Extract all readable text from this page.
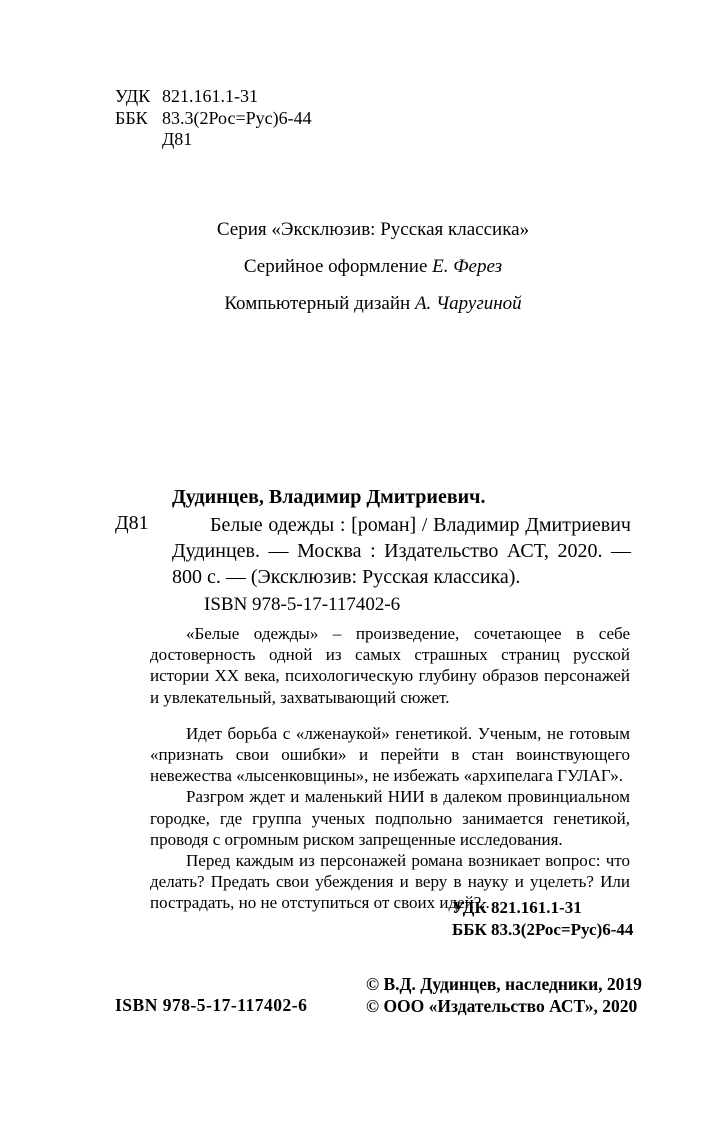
УДК 821.161.1-31
ББК 83.3(2Рос=Рус)6-44
Д81
Серия «Эксклюзив: Русская классика»
Серийное оформление Е. Ферез
Компьютерный дизайн А. Чаругиной
Дудинцев, Владимир Дмитриевич.
Д81	Белые одежды : [роман] / Владимир Дмитриевич Дудинцев. — Москва : Издательство АСТ, 2020. — 800 с. — (Эксклюзив: Русская классика).
ISBN 978-5-17-117402-6

«Белые одежды» – произведение, сочетающее в себе достоверность одной из самых страшных страниц русской истории XX века, психологическую глубину образов персонажей и увлекательный, захватывающий сюжет.

Идет борьба с «лженаукой» генетикой. Ученым, не готовым «признать свои ошибки» и перейти в стан воинствующего невежества «лысенковщины», не избежать «архипелага ГУЛАГ».

Разгром ждет и маленький НИИ в далеком провинциальном городке, где группа ученых подпольно занимается генетикой, проводя с огромным риском запрещенные исследования.

Перед каждым из персонажей романа возникает вопрос: что делать? Предать свои убеждения и веру в науку и уцелеть? Или пострадать, но не отступиться от своих идей?..

УДК 821.161.1-31
ББК 83.3(2Рос=Рус)6-44
ISBN 978-5-17-117402-6
© В.Д. Дудинцев, наследники, 2019
© ООО «Издательство АСТ», 2020
